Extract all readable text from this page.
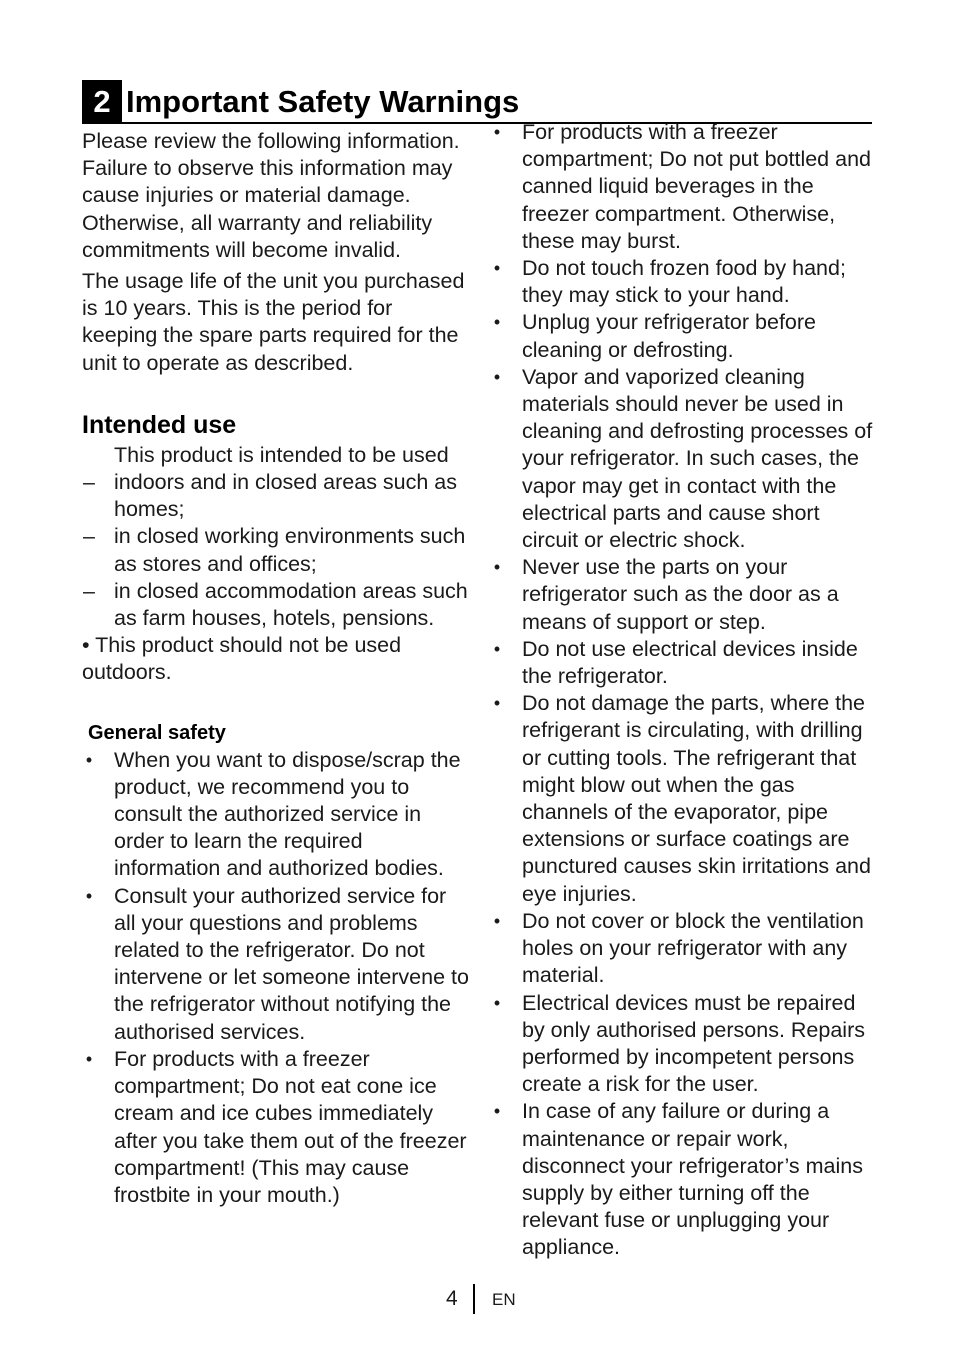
2 Important Safety Warnings

Please review the following information. Failure to observe this information may cause injuries or material damage. Otherwise, all warranty and reliability commitments will become invalid.

The usage life of the unit you purchased is 10 years. This is the period for keeping the spare parts required for the unit to operate as described.

Intended use

This product is intended to be used

– indoors and in closed areas such as homes;
– in closed working environments such as stores and offices;
– in closed accommodation areas such as farm houses, hotels, pensions.

• This product should not be used outdoors.

General safety
• When you want to dispose/scrap the product, we recommend you to consult the authorized service in order to learn the required information and authorized bodies.
• Consult your authorized service for all your questions and problems related to the refrigerator. Do not intervene or let someone intervene to the refrigerator without notifying the authorised services.
• For products with a freezer compartment; Do not eat cone ice cream and ice cubes immediately after you take them out of the freezer compartment! (This may cause frostbite in your mouth.)
• For products with a freezer compartment; Do not put bottled and canned liquid beverages in the freezer compartment. Otherwise, these may burst.
• Do not touch frozen food by hand; they may stick to your hand.
• Unplug your refrigerator before cleaning or defrosting.
• Vapor and vaporized cleaning materials should never be used in cleaning and defrosting processes of your refrigerator. In such cases, the vapor may get in contact with the electrical parts and cause short circuit or electric shock.
• Never use the parts on your refrigerator such as the door as a means of support or step.
• Do not use electrical devices inside the refrigerator.
• Do not damage the parts, where the refrigerant is circulating, with drilling or cutting tools. The refrigerant that might blow out when the gas channels of the evaporator, pipe extensions or surface coatings are punctured causes skin irritations and eye injuries.
• Do not cover or block the ventilation holes on your refrigerator with any material.
• Electrical devices must be repaired by only authorised persons. Repairs performed by incompetent persons create a risk for the user.
• In case of any failure or during a maintenance or repair work, disconnect your refrigerator’s mains supply by either turning off the relevant fuse or unplugging your appliance.
4 EN
